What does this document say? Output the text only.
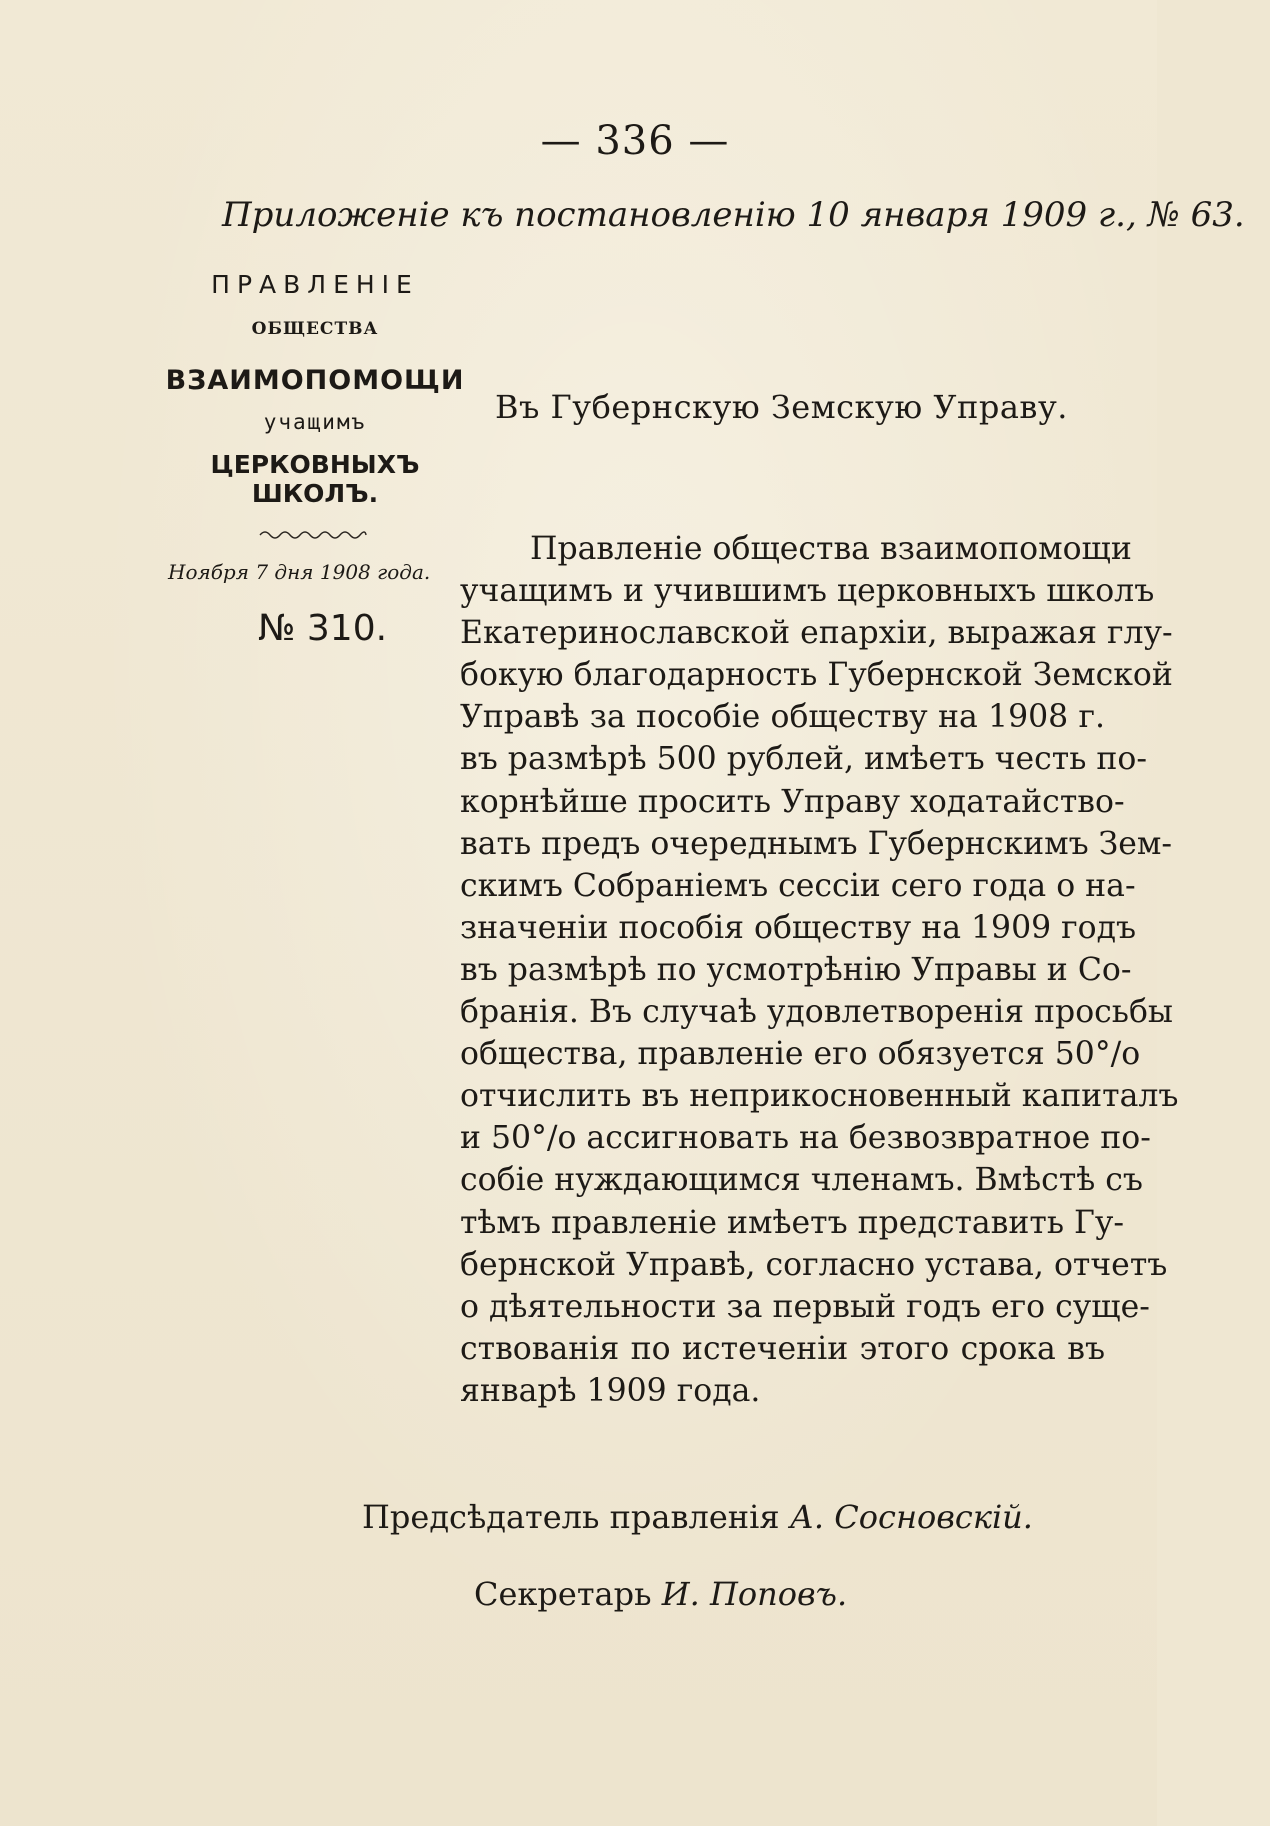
— 336 —
Приложеніе къ постановленію 10 января 1909 г., № 63.
ПРАВЛЕНІЕ
ОБЩЕСТВА
ВЗАИМОПОМОЩИ
учащимъ
ЦЕРКОВНЫХЪ ШКОЛЪ.
Ноября 7 дня 1908 года.
№ 310.
Въ Губернскую Земскую Управу.
Правленіе общества взаимопомощи
учащимъ и учившимъ церковныхъ школъ
Екатеринославской епархіи, выражая глу-
бокую благодарность Губернской Земской
Управѣ за пособіе обществу на 1908 г.
въ размѣрѣ 500 рублей, имѣетъ честь по-
корнѣйше просить Управу ходатайство-
вать предъ очереднымъ Губернскимъ Зем-
скимъ Собраніемъ сессіи сего года о на-
значеніи пособія обществу на 1909 годъ
въ размѣрѣ по усмотрѣнію Управы и Со-
бранія. Въ случаѣ удовлетворенія просьбы
общества, правленіе его обязуется 50°/о
отчислить въ неприкосновенный капиталъ
и 50°/о ассигновать на безвозвратное по-
собіе нуждающимся членамъ. Вмѣстѣ съ
тѣмъ правленіе имѣетъ представить Гу-
бернской Управѣ, согласно устава, отчетъ
о дѣятельности за первый годъ его суще-
ствованія по истеченіи этого срока въ
январѣ 1909 года.
Предсѣдатель правленія А. Сосновскій.
Секретарь И. Поповъ.
